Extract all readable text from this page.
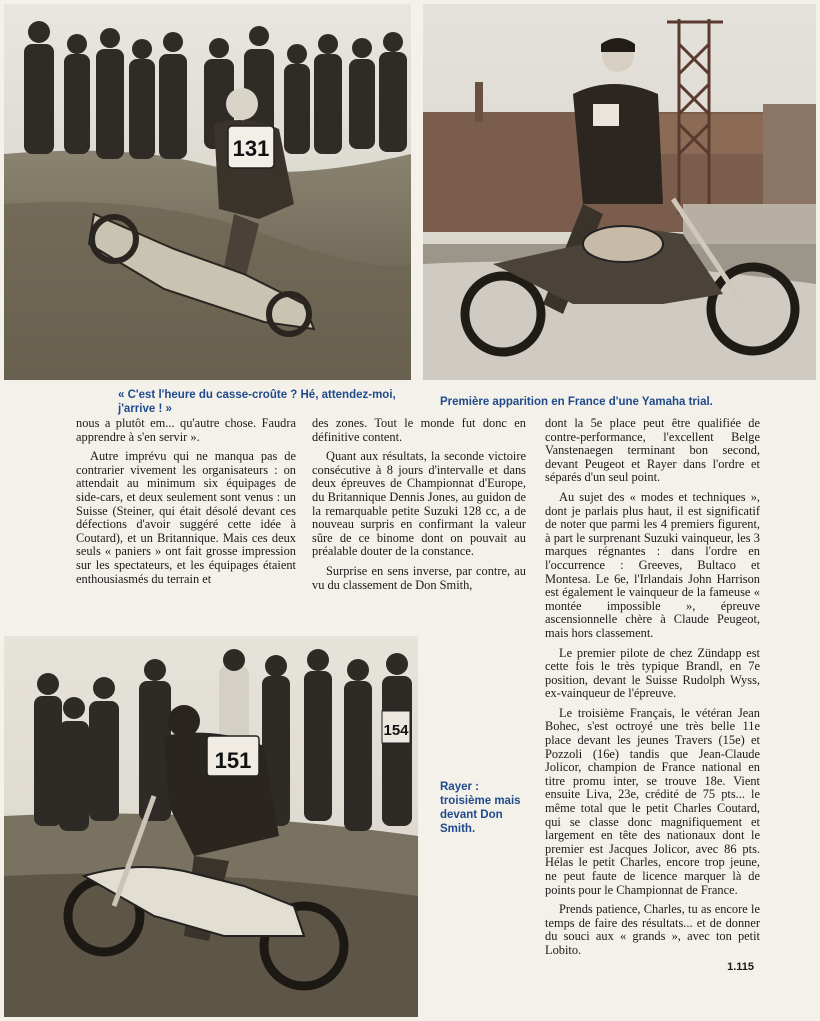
131
« C'est l'heure du casse-croûte ? Hé, attendez-moi, j'arrive ! »
Première apparition en France d'une Yamaha trial.

nous a plutôt em... qu'autre chose. Faudra apprendre à s'en servir ».

Autre imprévu qui ne manqua pas de contrarier vivement les organisateurs : on attendait au minimum six équipages de side-cars, et deux seulement sont venus : un Suisse (Steiner, qui était désolé devant ces défections d'avoir suggéré cette idée à Coutard), et un Britannique. Mais ces deux seuls « paniers » ont fait grosse impression sur les spectateurs, et les équipages étaient enthousiasmés du terrain et

des zones. Tout le monde fut donc en définitive content.

Quant aux résultats, la seconde victoire consécutive à 8 jours d'intervalle et dans deux épreuves de Championnat d'Europe, du Britannique Dennis Jones, au guidon de la remarquable petite Suzuki 128 cc, a de nouveau surpris en confirmant la valeur sûre de ce binome dont on pouvait au préalable douter de la constance.

Surprise en sens inverse, par contre, au vu du classement de Don Smith,

dont la 5e place peut être qualifiée de contre-performance, l'excellent Belge Vanstenaegen terminant bon second, devant Peugeot et Rayer dans l'ordre et séparés d'un seul point.

Au sujet des « modes et techniques », dont je parlais plus haut, il est significatif de noter que parmi les 4 premiers figurent, à part le surprenant Suzuki vainqueur, les 3 marques régnantes : dans l'ordre en l'occurrence : Greeves, Bultaco et Montesa. Le 6e, l'Irlandais John Harrison est également le vainqueur de la fameuse « montée impossible », épreuve ascensionnelle chère à Claude Peugeot, mais hors classement.

Le premier pilote de chez Zündapp est cette fois le très typique Brandl, en 7e position, devant le Suisse Rudolph Wyss, ex-vainqueur de l'épreuve.

Le troisième Français, le vétéran Jean Bohec, s'est octroyé une très belle 11e place devant les jeunes Travers (15e) et Pozzoli (16e) tandis que Jean-Claude Jolicor, champion de France national en titre promu inter, se trouve 18e. Vient ensuite Liva, 23e, crédité de 75 pts... le même total que le petit Charles Coutard, qui se classe donc magnifiquement et largement en tête des nationaux dont le premier est Jacques Jolicor, avec 86 pts. Hélas le petit Charles, encore trop jeune, ne peut faute de licence marquer là de points pour le Championnat de France.

Prends patience, Charles, tu as encore le temps de faire des résultats... et de donner du souci aux « grands », avec ton petit Lobito.

154
151
Rayer : troisième mais devant Don Smith.
1.115
